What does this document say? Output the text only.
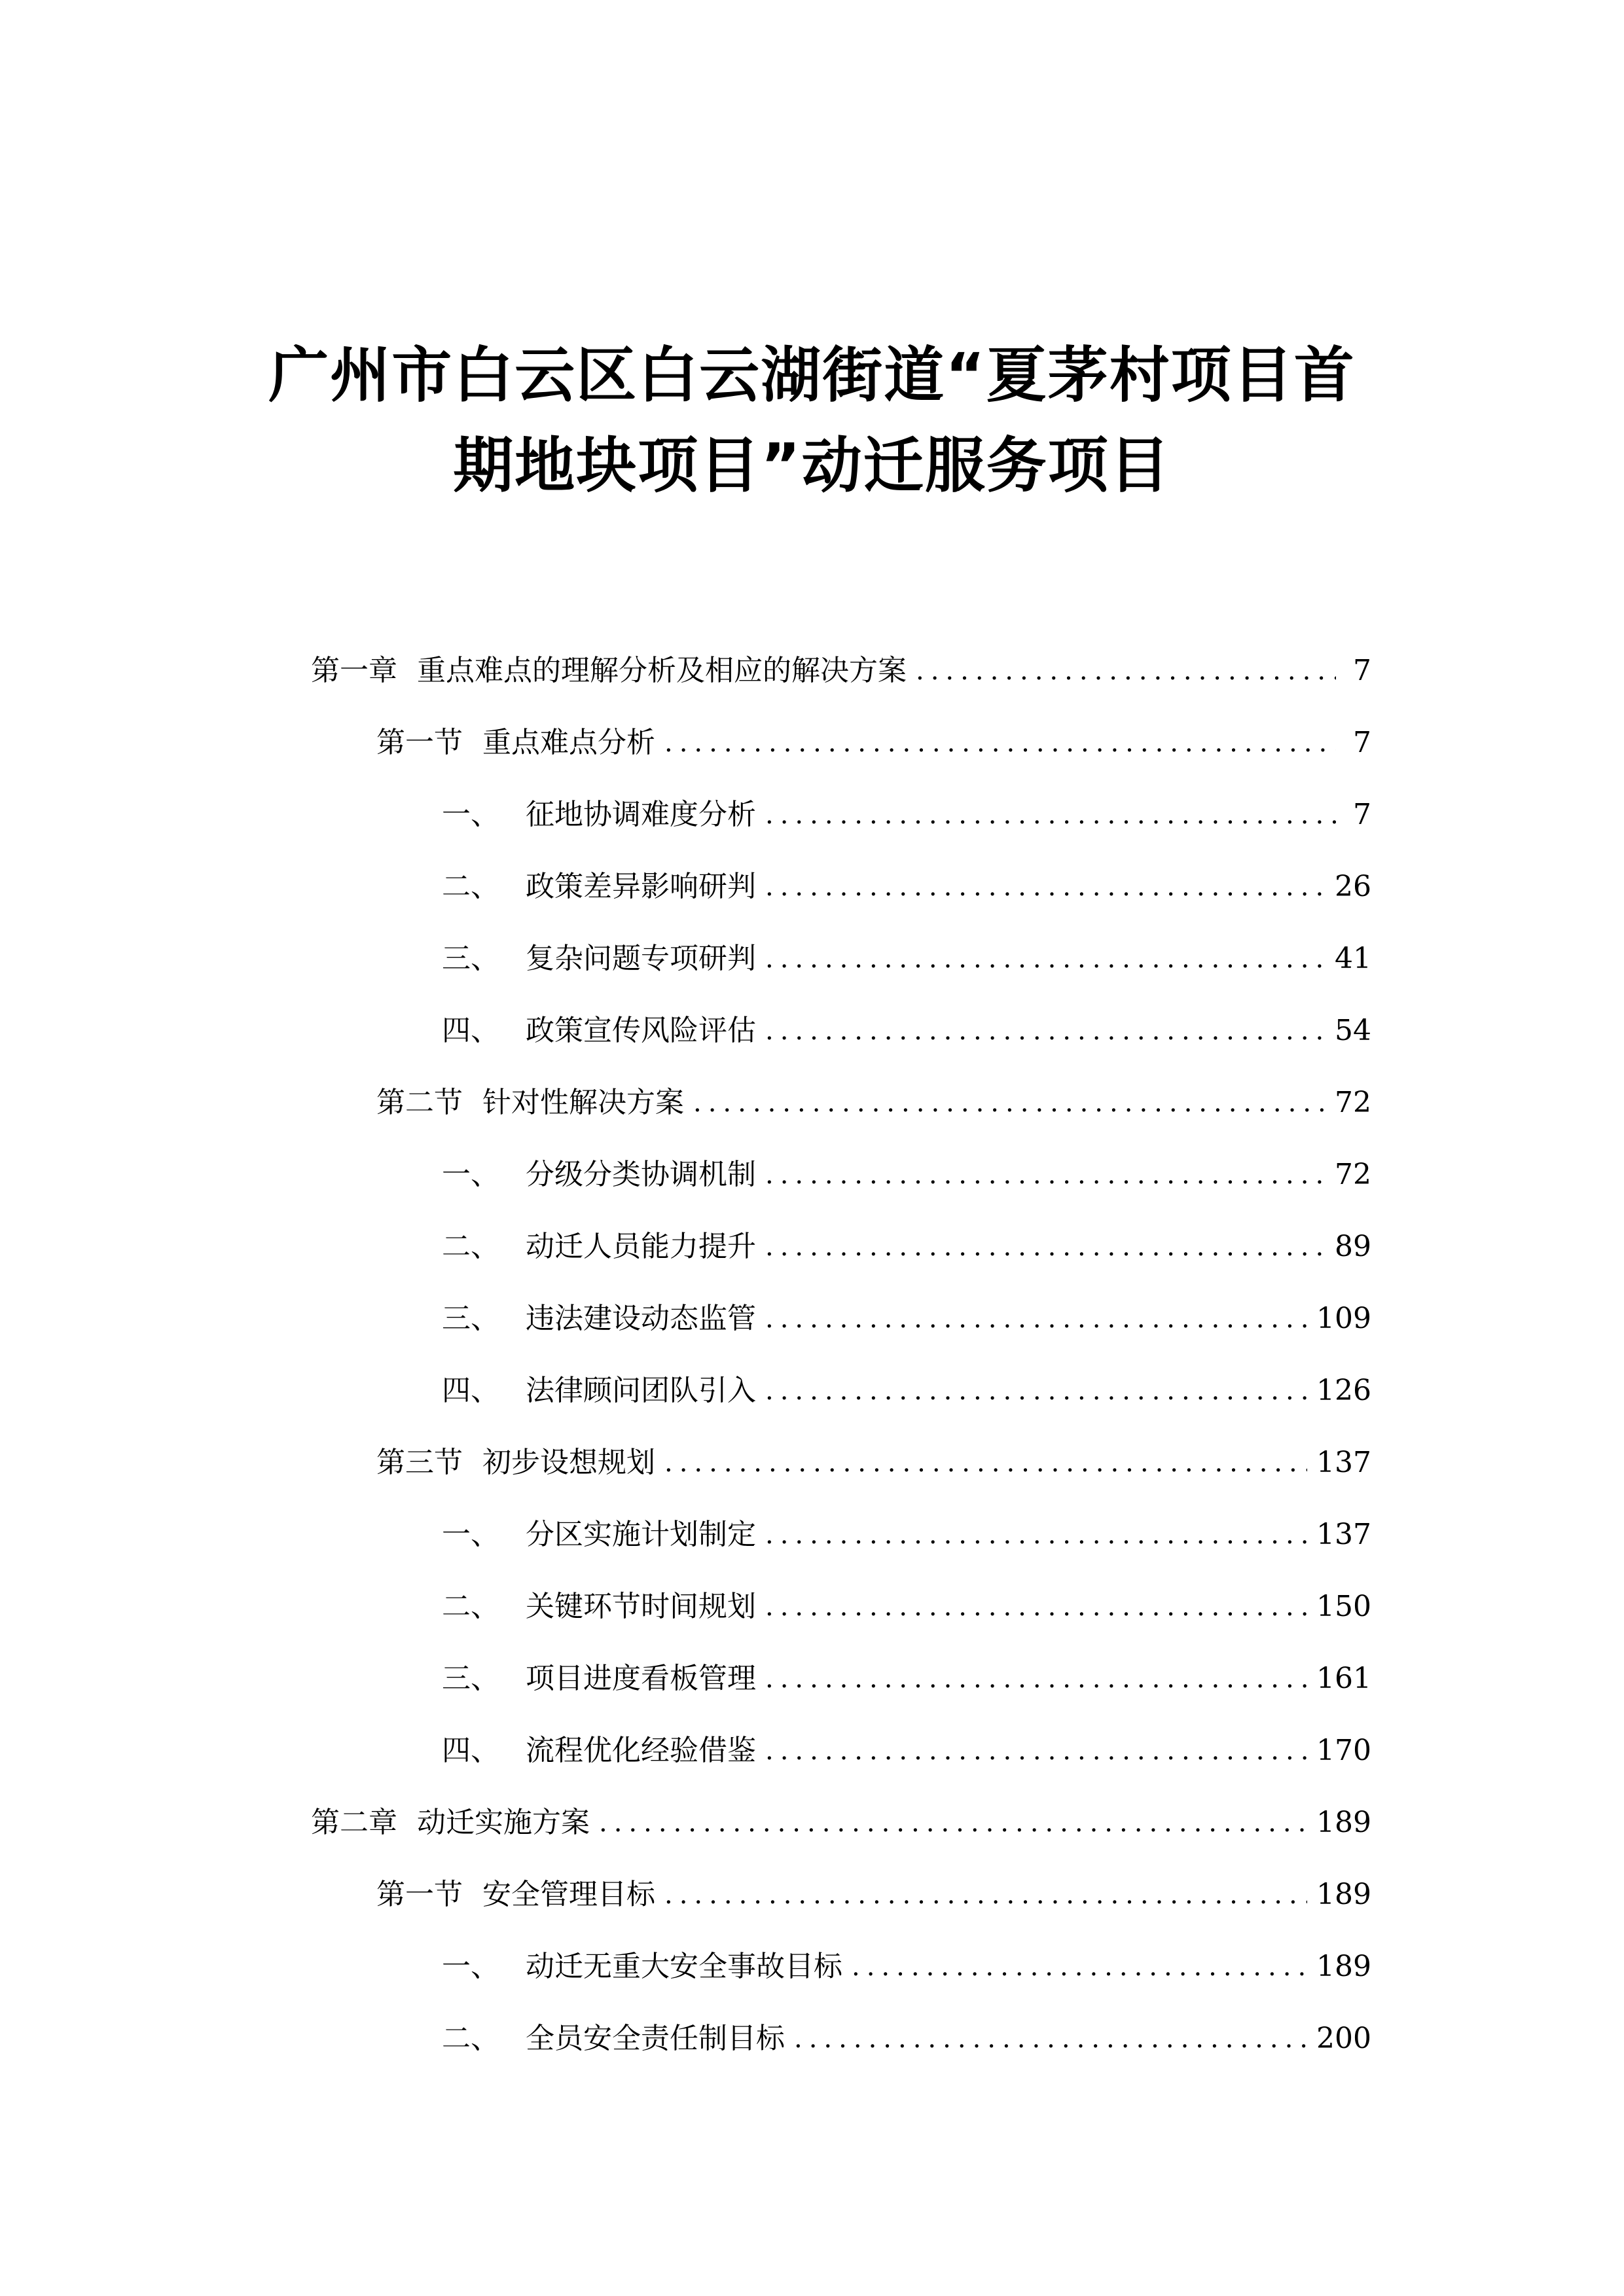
广州市白云区白云湖街道“夏茅村项目首
期地块项目”动迁服务项目
第一章 重点难点的理解分析及相应的解决方案 .....	7
第一节 重点难点分析 .....	7
一、 征地协调难度分析 .....	7
二、 政策差异影响研判 .....	26
三、 复杂问题专项研判 .....	41
四、 政策宣传风险评估 .....	54
第二节 针对性解决方案 .....	72
一、 分级分类协调机制 .....	72
二、 动迁人员能力提升 .....	89
三、 违法建设动态监管 .....	109
四、 法律顾问团队引入 .....	126
第三节 初步设想规划 .....	137
一、 分区实施计划制定 .....	137
二、 关键环节时间规划 .....	150
三、 项目进度看板管理 .....	161
四、 流程优化经验借鉴 .....	170
第二章 动迁实施方案 .....	189
第一节 安全管理目标 .....	189
一、 动迁无重大安全事故目标 .....	189
二、 全员安全责任制目标 .....	200
